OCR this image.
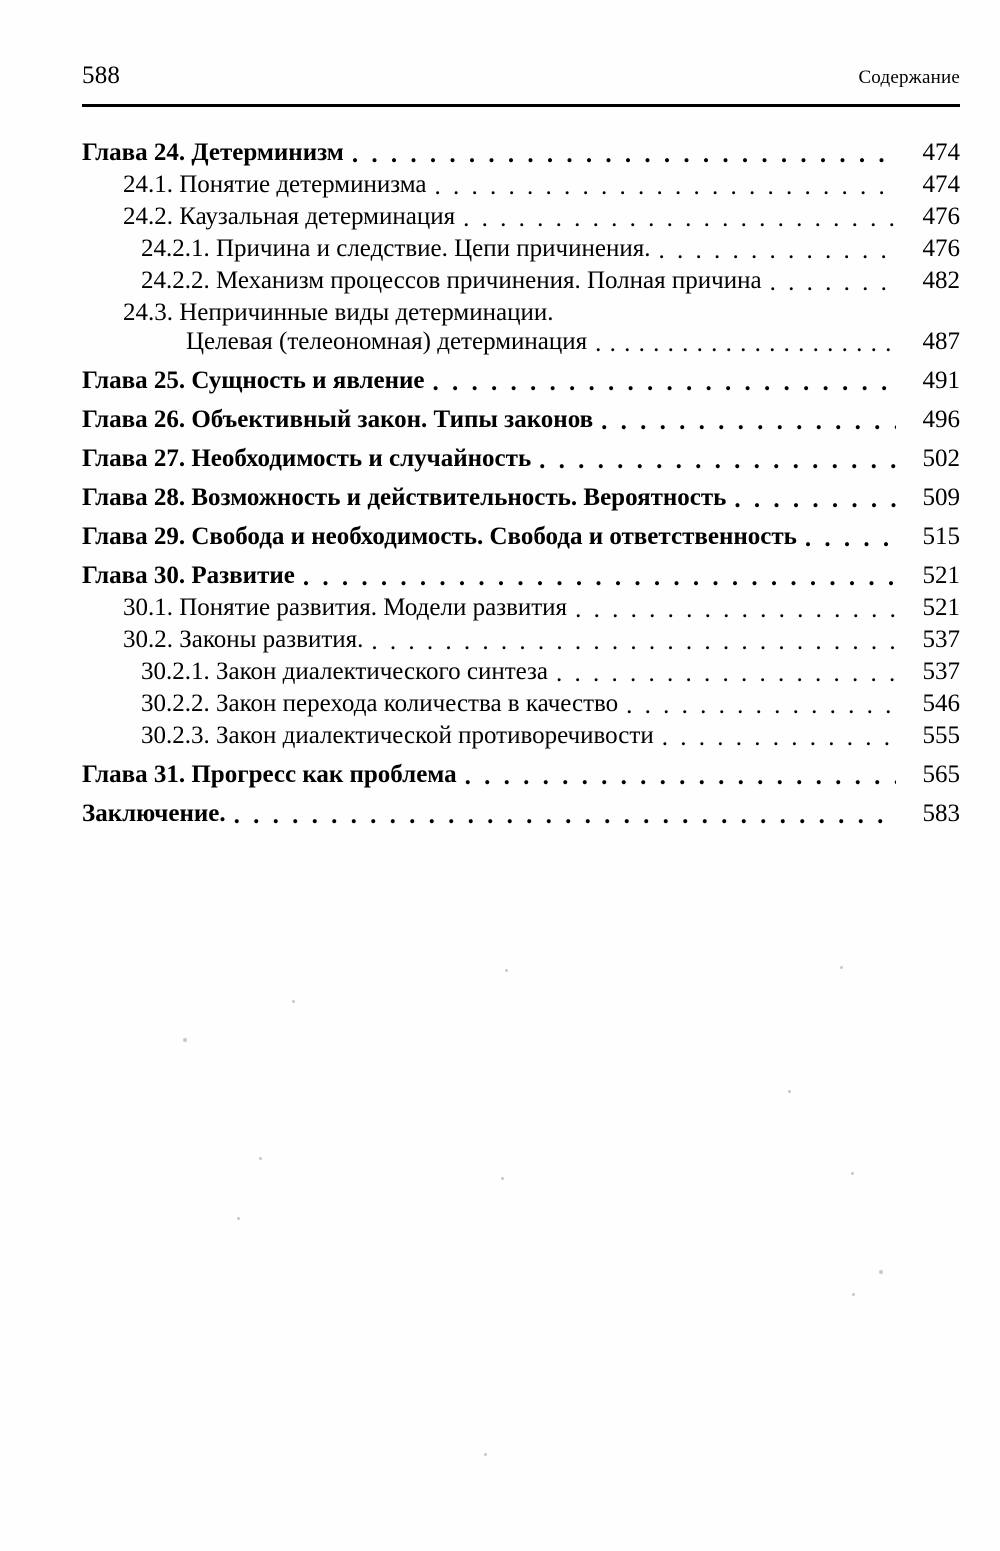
588	Содержание
Глава 24. Детерминизм . . .	474
24.1. Понятие детерминизма . . .	474
24.2. Каузальная детерминация . . .	476
24.2.1. Причина и следствие. Цепи причинения. . . .	476
24.2.2. Механизм процессов причинения. Полная причина . . .	482
24.3. Непричинные виды детерминации.
Целевая (телеономная) детерминация . . .	487
Глава 25. Сущность и явление . . .	491
Глава 26. Объективный закон. Типы законов . . .	496
Глава 27. Необходимость и случайность . . .	502
Глава 28. Возможность и действительность. Вероятность . . .	509
Глава 29. Свобода и необходимость. Свобода и ответственность . . .	515
Глава 30. Развитие . . .	521
30.1. Понятие развития. Модели развития . . .	521
30.2. Законы развития. . . .	537
30.2.1. Закон диалектического синтеза . . .	537
30.2.2. Закон перехода количества в качество . . .	546
30.2.3. Закон диалектической противоречивости . . .	555
Глава 31. Прогресс как проблема . . .	565
Заключение. . . .	583
